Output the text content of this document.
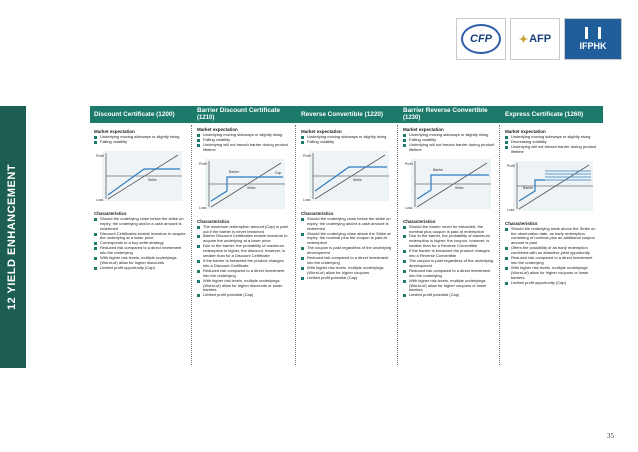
CFP	✦ AFP
IFPHK
12 YIELD ENHANCEMENT
Discount Certificate (1200)
Market expectation
Underlying moving sideways or slightly rising
Falling volatility
Profit
Loss
Strike
Characteristics
Should the underlying close below the strike on expiry, the underlying and/or a cash amount is redeemed
Discount Certificates enable investors to acquire the underlying at a lower price
Corresponds to a buy-write-strategy
Reduced risk compared to a direct investment into the underlying
With higher risk levels, multiple underlyings (Worst-of) allow for higher discounts
Limited profit opportunity (Cap)
Barrier Discount Certificate
(1210)
Market expectation
Underlying moving sideways or slightly rising
Falling volatility
Underlying will not breach barrier during product lifetime
Profit
Loss
Barrier
Strike
Cap
Characteristics
The maximum redemption amount (Cap) is paid out if the barrier is never breached
Barrier Discount Certificates enable investors to acquire the underlying at a lower price
Due to the barrier, the probability of maximum redemption is higher, the discount, however, is smaller than for a Discount Certificate
If the barrier is breached the product changes into a Discount Certificate
Reduced risk compared to a direct investment into the underlying
With higher risk levels, multiple underlyings (Worst-of) allow for higher discounts or lower barriers
Limited profit potential (Cap)
Reverse Convertible (1220)
Market expectation
Underlying moving sideways or slightly rising
Falling volatility
Profit
Loss
Strike
Characteristics
Should the underlying close below the strike on expiry, the underlying and/or a cash amount is redeemed
Should the underlying close above the Strike at expiry, the nominal plus the coupon is paid at redemption
The coupon is paid regardless of the underlying development
Reduced risk compared to a direct investment into the underlying
With higher risk levels, multiple underlyings (Worst-of) allow for higher coupons
Limited profit potential (Cap)
Barrier Reverse Convertible
(1230)
Market expectation
Underlying moving sideways or slightly rising
Falling volatility
Underlying will not breach barrier during product lifetime
Profit
Loss
Barrier
Strike
Characteristics
Should the barrier never be breached, the nominal plus coupon is paid at redemption
Due to the barrier, the probability of maximum redemption is higher, the coupon, however, is smaller than for a Reverse Convertible
If the barrier is breached the product changes into a Reverse Convertible
The coupon is paid regardless of the underlying development
Reduced risk compared to a direct investment into the underlying
With higher risk levels, multiple underlyings (Worst-of) allow for higher coupons or lower barriers
Limited profit potential (Cap)
Express Certificate (1260)
Market expectation
Underlying moving sideways or slightly rising
Decreasing volatility
Underlying will not breach barrier during product lifetime
Profit
Loss
Barrier
Characteristics
Should the underlying trade above the Strike on the observation date, an early redemption consisting of nominal plus an additional coupon amount is paid
Offers the possibility of an early redemption combined with an attractive yield opportunity
Reduced risk compared to a direct investment into the underlying
With higher risk levels, multiple underlyings (Worst-of) allow for higher coupons or lower barriers
Limited profit opportunity (Cap)
35
